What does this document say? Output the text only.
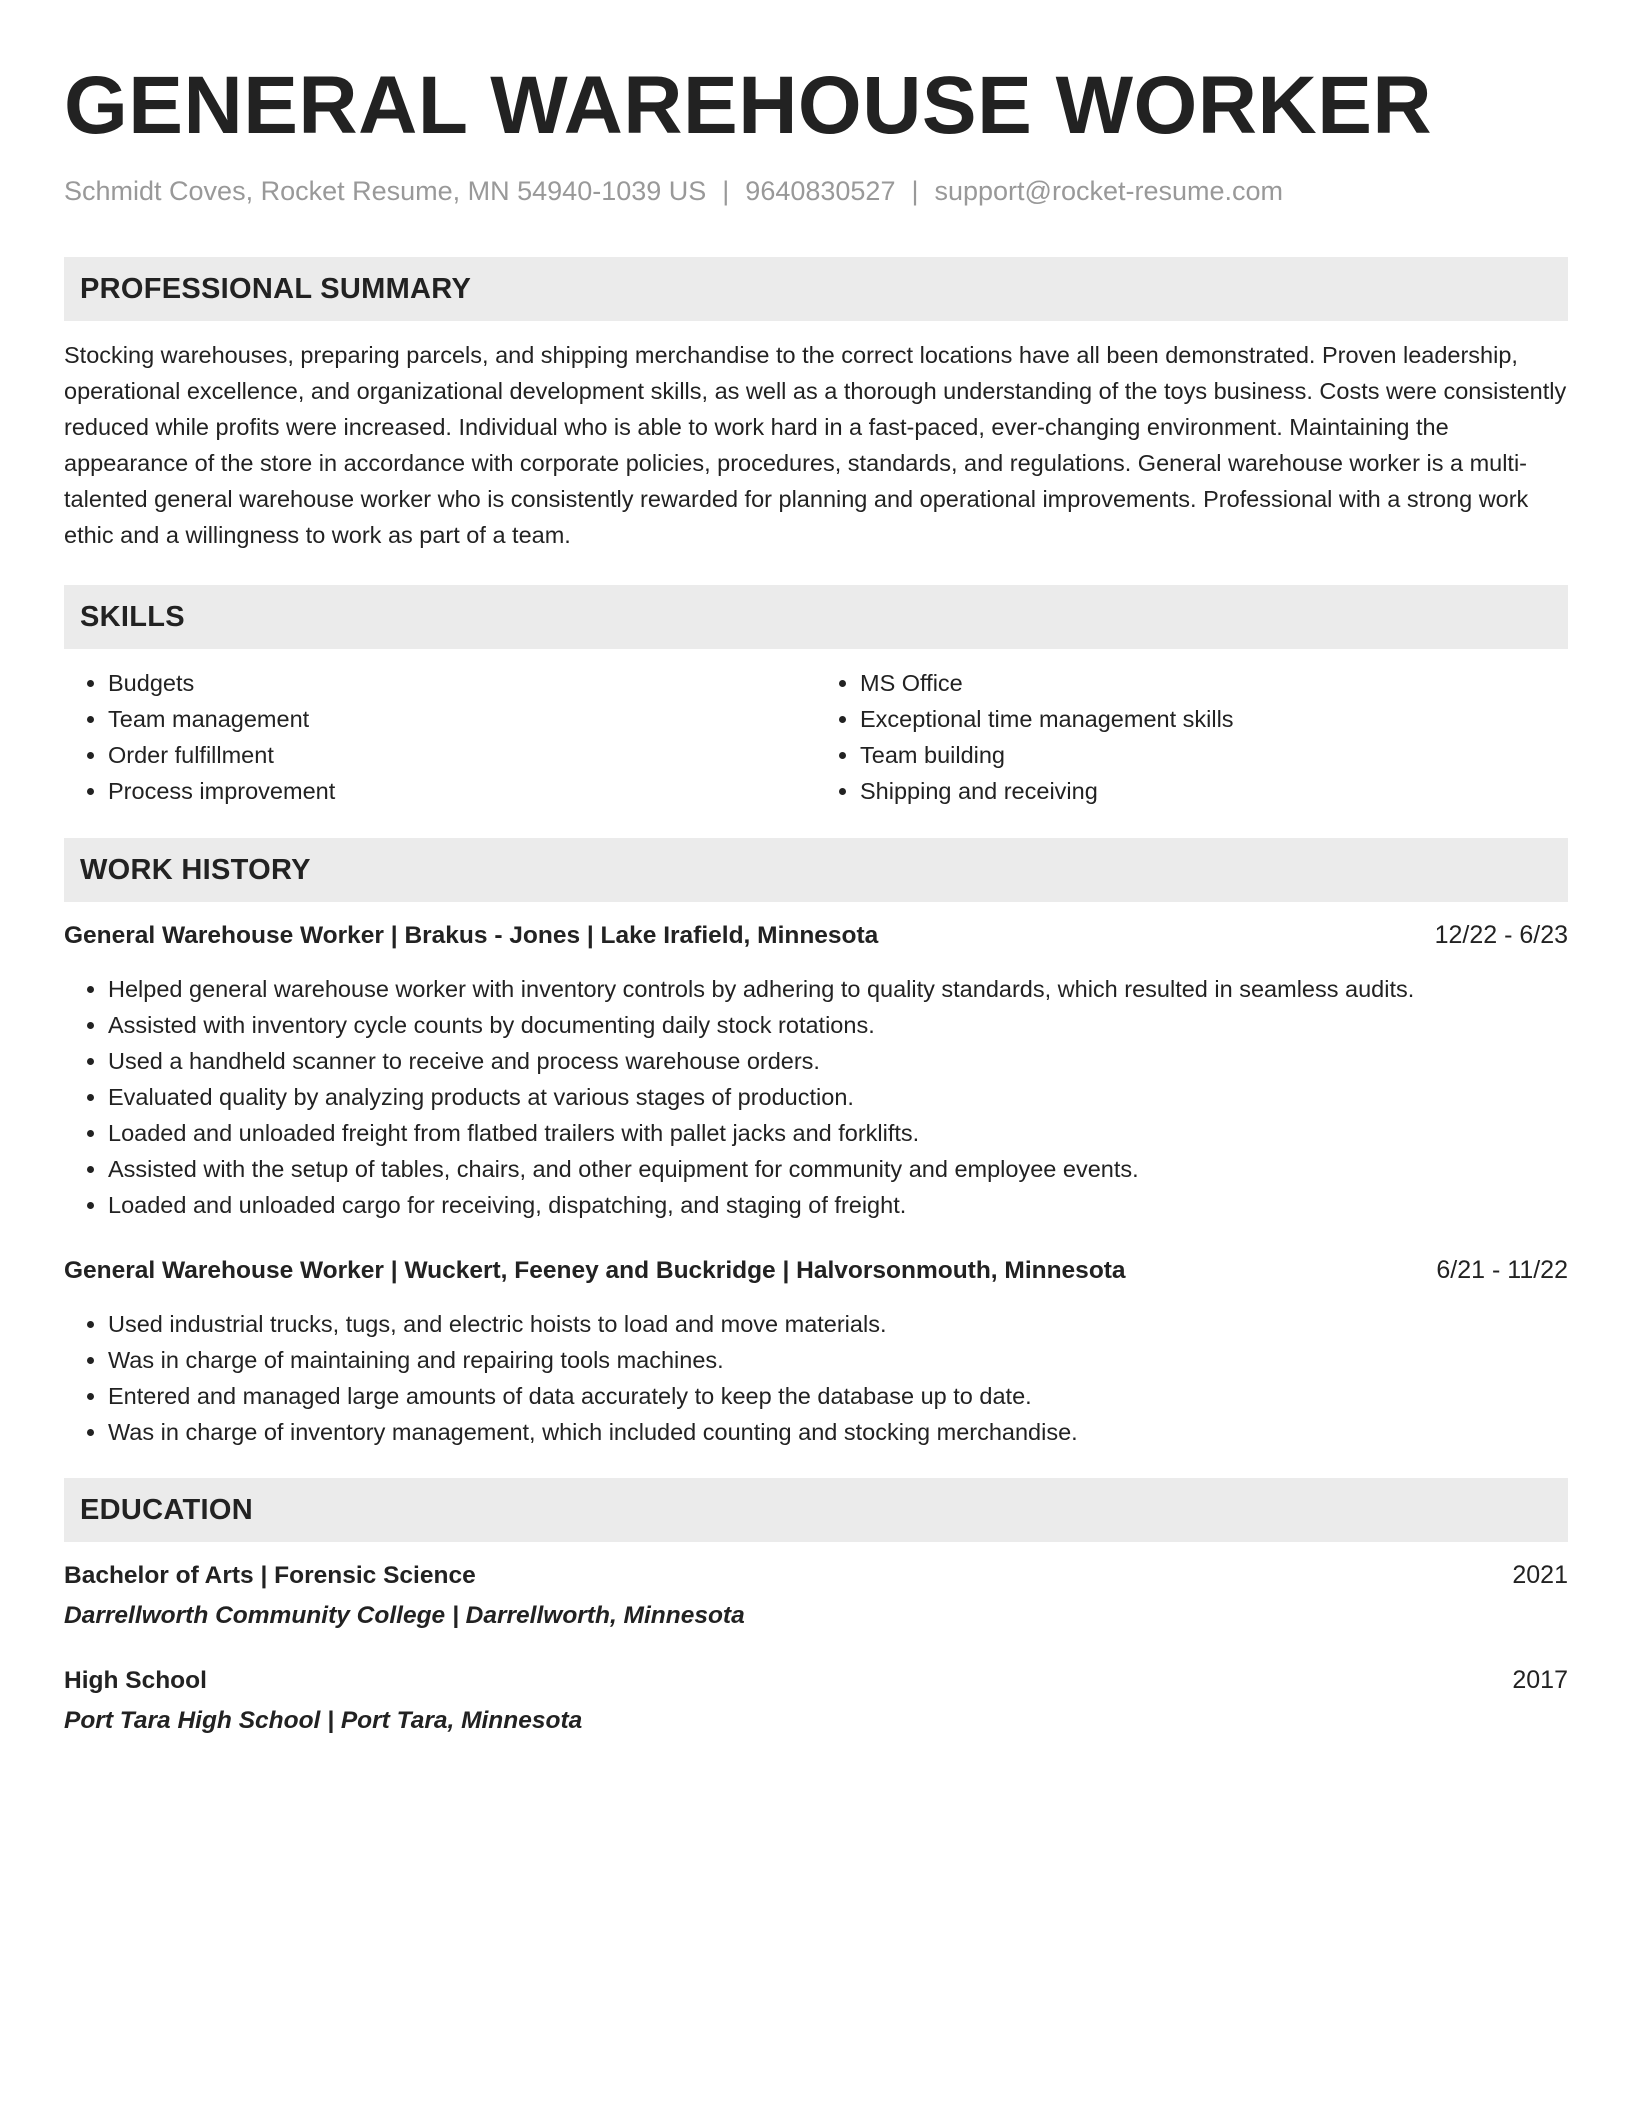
GENERAL WAREHOUSE WORKER
Schmidt Coves, Rocket Resume, MN 54940-1039 US | 9640830527 | support@rocket-resume.com
PROFESSIONAL SUMMARY
Stocking warehouses, preparing parcels, and shipping merchandise to the correct locations have all been demonstrated. Proven leadership, operational excellence, and organizational development skills, as well as a thorough understanding of the toys business. Costs were consistently reduced while profits were increased. Individual who is able to work hard in a fast-paced, ever-changing environment. Maintaining the appearance of the store in accordance with corporate policies, procedures, standards, and regulations. General warehouse worker is a multi-talented general warehouse worker who is consistently rewarded for planning and operational improvements. Professional with a strong work ethic and a willingness to work as part of a team.
SKILLS
• Budgets
• Team management
• Order fulfillment
• Process improvement
• MS Office
• Exceptional time management skills
• Team building
• Shipping and receiving
WORK HISTORY
General Warehouse Worker | Brakus - Jones | Lake Irafield, Minnesota	12/22 - 6/23
• Helped general warehouse worker with inventory controls by adhering to quality standards, which resulted in seamless audits.
• Assisted with inventory cycle counts by documenting daily stock rotations.
• Used a handheld scanner to receive and process warehouse orders.
• Evaluated quality by analyzing products at various stages of production.
• Loaded and unloaded freight from flatbed trailers with pallet jacks and forklifts.
• Assisted with the setup of tables, chairs, and other equipment for community and employee events.
• Loaded and unloaded cargo for receiving, dispatching, and staging of freight.
General Warehouse Worker | Wuckert, Feeney and Buckridge | Halvorsonmouth, Minnesota	6/21 - 11/22
• Used industrial trucks, tugs, and electric hoists to load and move materials.
• Was in charge of maintaining and repairing tools machines.
• Entered and managed large amounts of data accurately to keep the database up to date.
• Was in charge of inventory management, which included counting and stocking merchandise.
EDUCATION
Bachelor of Arts | Forensic Science	2021
Darrellworth Community College | Darrellworth, Minnesota
High School	2017
Port Tara High School | Port Tara, Minnesota
